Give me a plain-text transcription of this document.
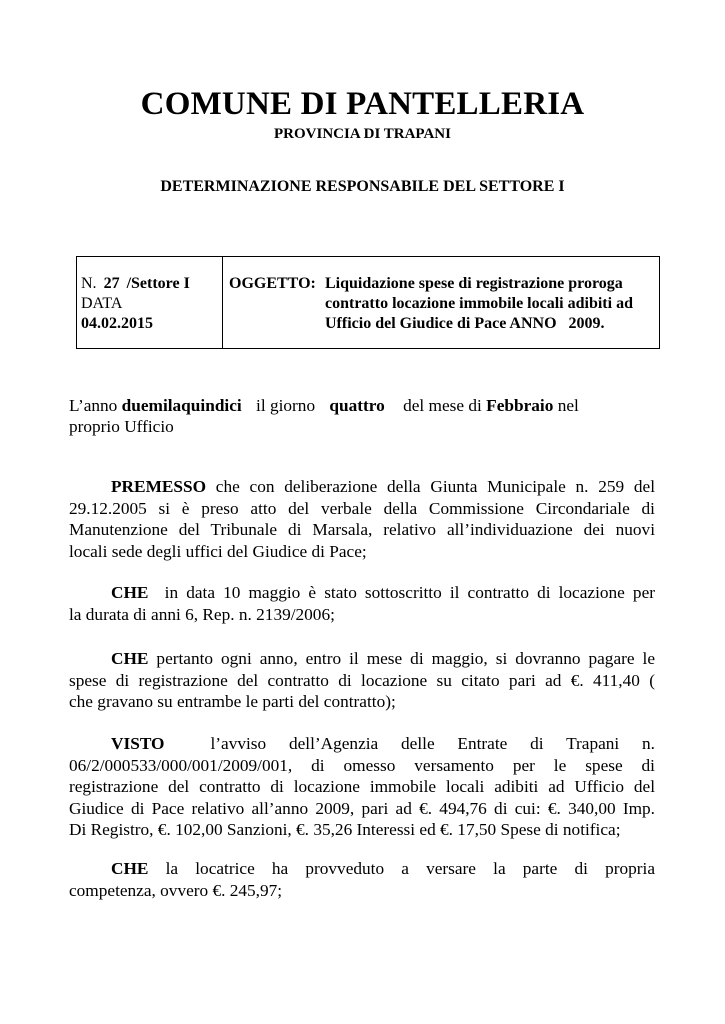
COMUNE DI PANTELLERIA
PROVINCIA DI TRAPANI
DETERMINAZIONE RESPONSABILE DEL SETTORE I
N. 27 /Settore I
DATA
04.02.2015
OGGETTO: Liquidazione spese di registrazione proroga
contratto locazione immobile locali adibiti ad
Ufficio del Giudice di Pace ANNO   2009.
L’anno duemilaquindici il giorno quattro del mese di Febbraio nel
proprio Ufficio
PREMESSO che con deliberazione della Giunta Municipale n. 259 del
29.12.2005 si è preso atto del verbale della Commissione Circondariale di
Manutenzione del Tribunale di Marsala, relativo all’individuazione dei nuovi
locali sede degli uffici del Giudice di Pace;
CHE  in data 10 maggio è stato sottoscritto il contratto di locazione per
la durata di anni 6, Rep. n. 2139/2006;
CHE pertanto ogni anno, entro il mese di maggio, si dovranno pagare le
spese di registrazione del contratto di locazione su citato pari ad €. 411,40 (
che gravano su entrambe le parti del contratto);
VISTO	l’avviso dell’Agenzia delle Entrate di Trapani n.
06/2/000533/000/001/2009/001, di omesso versamento per le spese di
registrazione del contratto di locazione immobile locali adibiti ad Ufficio del
Giudice di Pace relativo all’anno 2009, pari ad €. 494,76 di cui: €. 340,00 Imp.
Di Registro, €. 102,00 Sanzioni, €. 35,26 Interessi ed €. 17,50 Spese di notifica;
CHE la locatrice ha provveduto a versare la parte di propria
competenza, ovvero €. 245,97;
